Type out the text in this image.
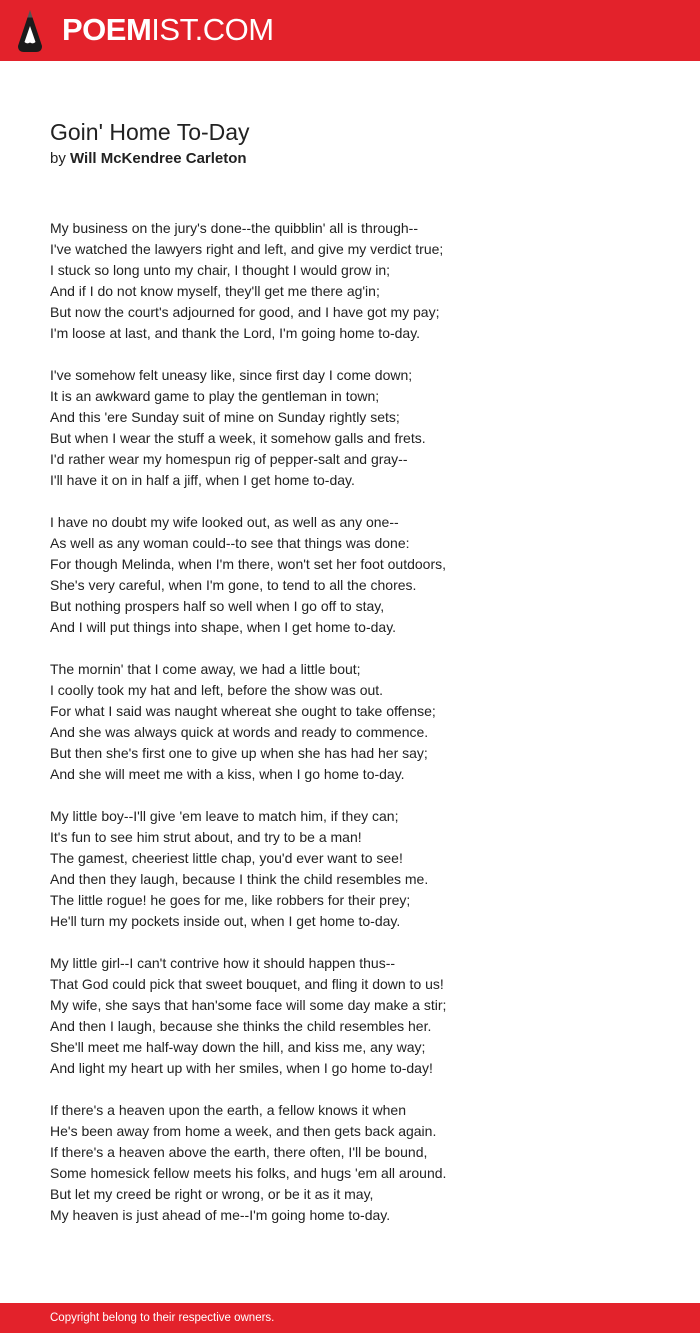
POEMIST.COM
Goin' Home To-Day
by Will McKendree Carleton
My business on the jury's done--the quibblin' all is through--
I've watched the lawyers right and left, and give my verdict true;
I stuck so long unto my chair, I thought I would grow in;
And if I do not know myself, they'll get me there ag'in;
But now the court's adjourned for good, and I have got my pay;
I'm loose at last, and thank the Lord, I'm going home to-day.
I've somehow felt uneasy like, since first day I come down;
It is an awkward game to play the gentleman in town;
And this 'ere Sunday suit of mine on Sunday rightly sets;
But when I wear the stuff a week, it somehow galls and frets.
I'd rather wear my homespun rig of pepper-salt and gray--
I'll have it on in half a jiff, when I get home to-day.
I have no doubt my wife looked out, as well as any one--
As well as any woman could--to see that things was done:
For though Melinda, when I'm there, won't set her foot outdoors,
She's very careful, when I'm gone, to tend to all the chores.
But nothing prospers half so well when I go off to stay,
And I will put things into shape, when I get home to-day.
The mornin' that I come away, we had a little bout;
I coolly took my hat and left, before the show was out.
For what I said was naught whereat she ought to take offense;
And she was always quick at words and ready to commence.
But then she's first one to give up when she has had her say;
And she will meet me with a kiss, when I go home to-day.
My little boy--I'll give 'em leave to match him, if they can;
It's fun to see him strut about, and try to be a man!
The gamest, cheeriest little chap, you'd ever want to see!
And then they laugh, because I think the child resembles me.
The little rogue! he goes for me, like robbers for their prey;
He'll turn my pockets inside out, when I get home to-day.
My little girl--I can't contrive how it should happen thus--
That God could pick that sweet bouquet, and fling it down to us!
My wife, she says that han'some face will some day make a stir;
And then I laugh, because she thinks the child resembles her.
She'll meet me half-way down the hill, and kiss me, any way;
And light my heart up with her smiles, when I go home to-day!
If there's a heaven upon the earth, a fellow knows it when
He's been away from home a week, and then gets back again.
If there's a heaven above the earth, there often, I'll be bound,
Some homesick fellow meets his folks, and hugs 'em all around.
But let my creed be right or wrong, or be it as it may,
My heaven is just ahead of me--I'm going home to-day.
Copyright belong to their respective owners.
